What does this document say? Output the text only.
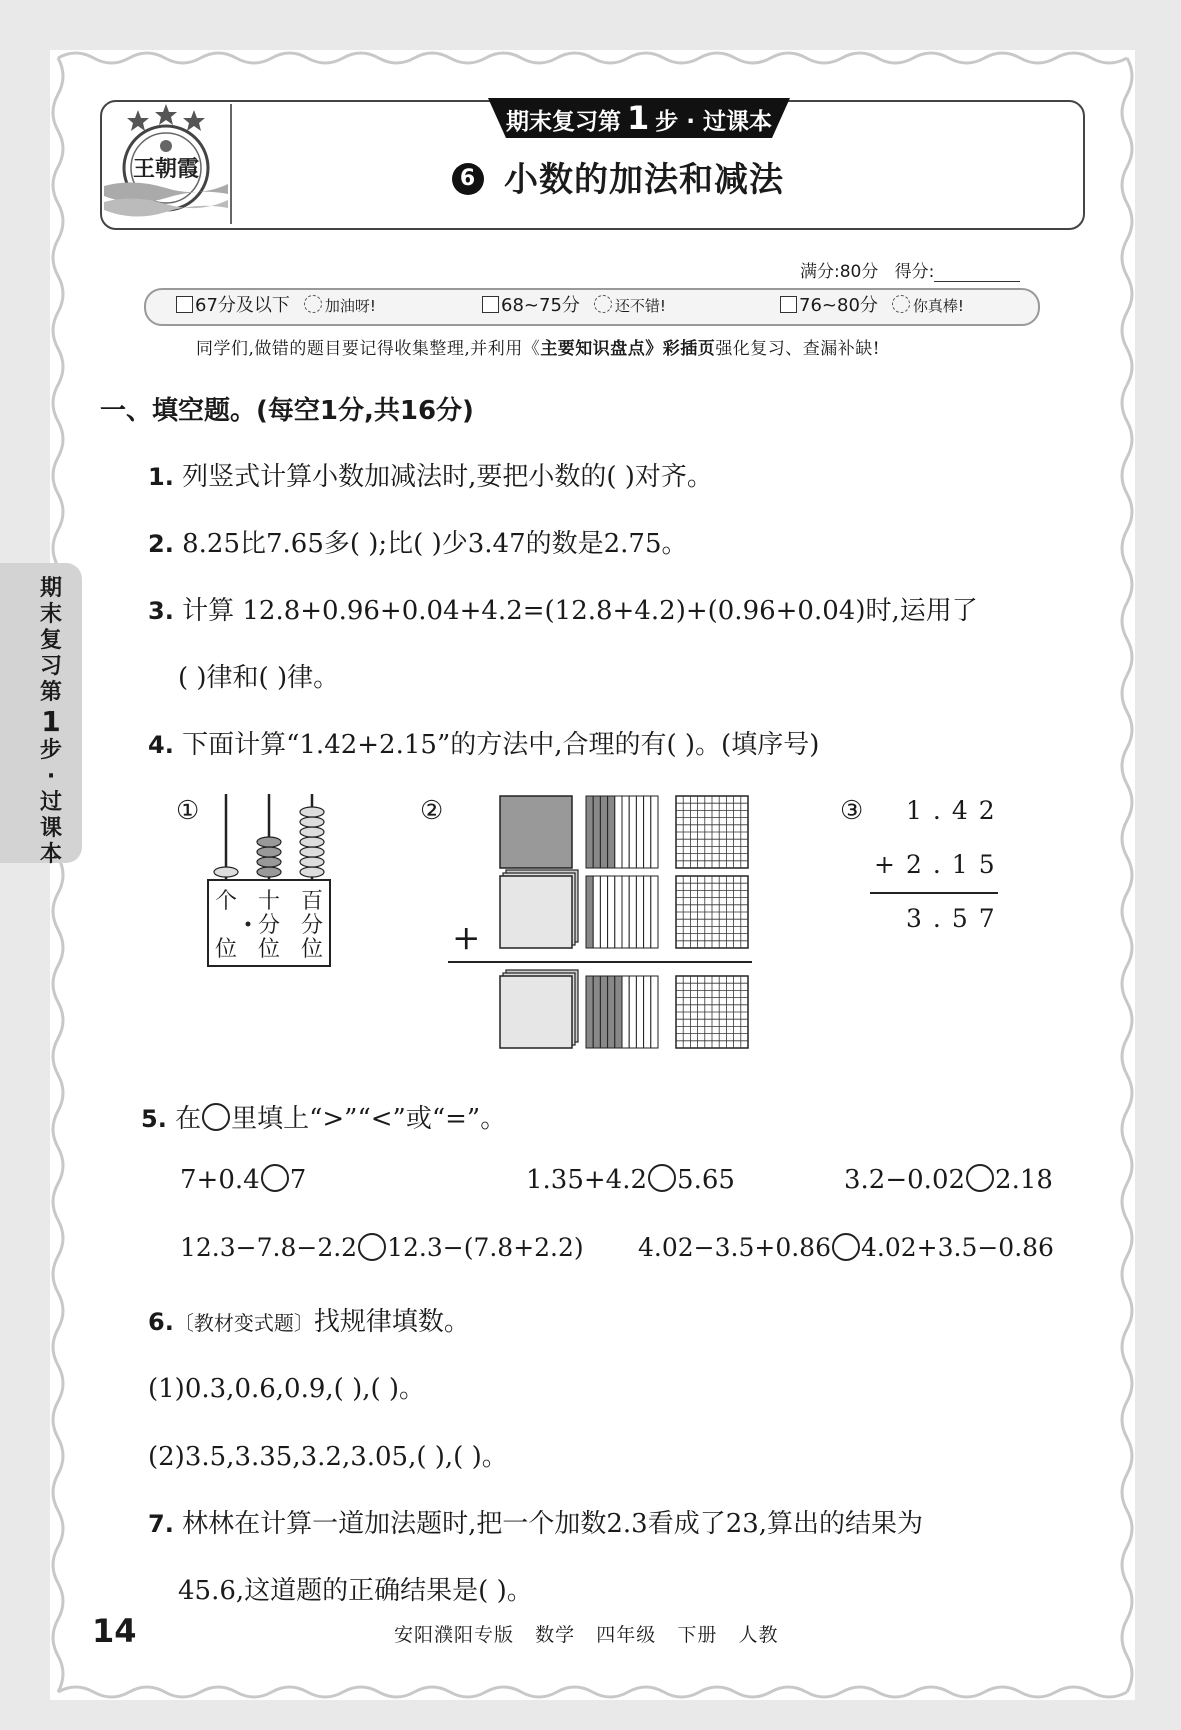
期
末
复
习
第
1
步
·
过
课
本
王朝霞
期末复习第 1 步 · 过课本
6 小数的加法和减法
满分:80分 得分:
67分及以下 加油呀!	68~75分 还不错!	76~80分 你真棒!
同学们,做错的题目要记得收集整理,并利用《主要知识盘点》彩插页强化复习、查漏补缺!
一、填空题。(每空1分,共16分)
1. 列竖式计算小数加减法时,要把小数的( )对齐。
2. 8.25比7.65多( );比( )少3.47的数是2.75。
3. 计算 12.8+0.96+0.04+4.2=(12.8+4.2)+(0.96+0.04)时,运用了
( )律和( )律。
4. 下面计算“1.42+2.15”的方法中,合理的有( )。(填序号)
①
个
位
十
分
位
百
分
位
②
+
③ 1.42
+2.15
3.57
5. 在 里填上“>”“<”或“=”。
7+0.4 7	1.35+4.2 5.65	3.2−0.02 2.18
12.3−7.8−2.2 12.3−(7.8+2.2) 4.02−3.5+0.86 4.02+3.5−0.86
6.〔教材变式题〕找规律填数。
(1)0.3,0.6,0.9,( ),( )。
(2)3.5,3.35,3.2,3.05,( ),( )。
7. 林林在计算一道加法题时,把一个加数2.3看成了23,算出的结果为
45.6,这道题的正确结果是( )。
14	安阳濮阳专版   数学   四年级   下册   人教
